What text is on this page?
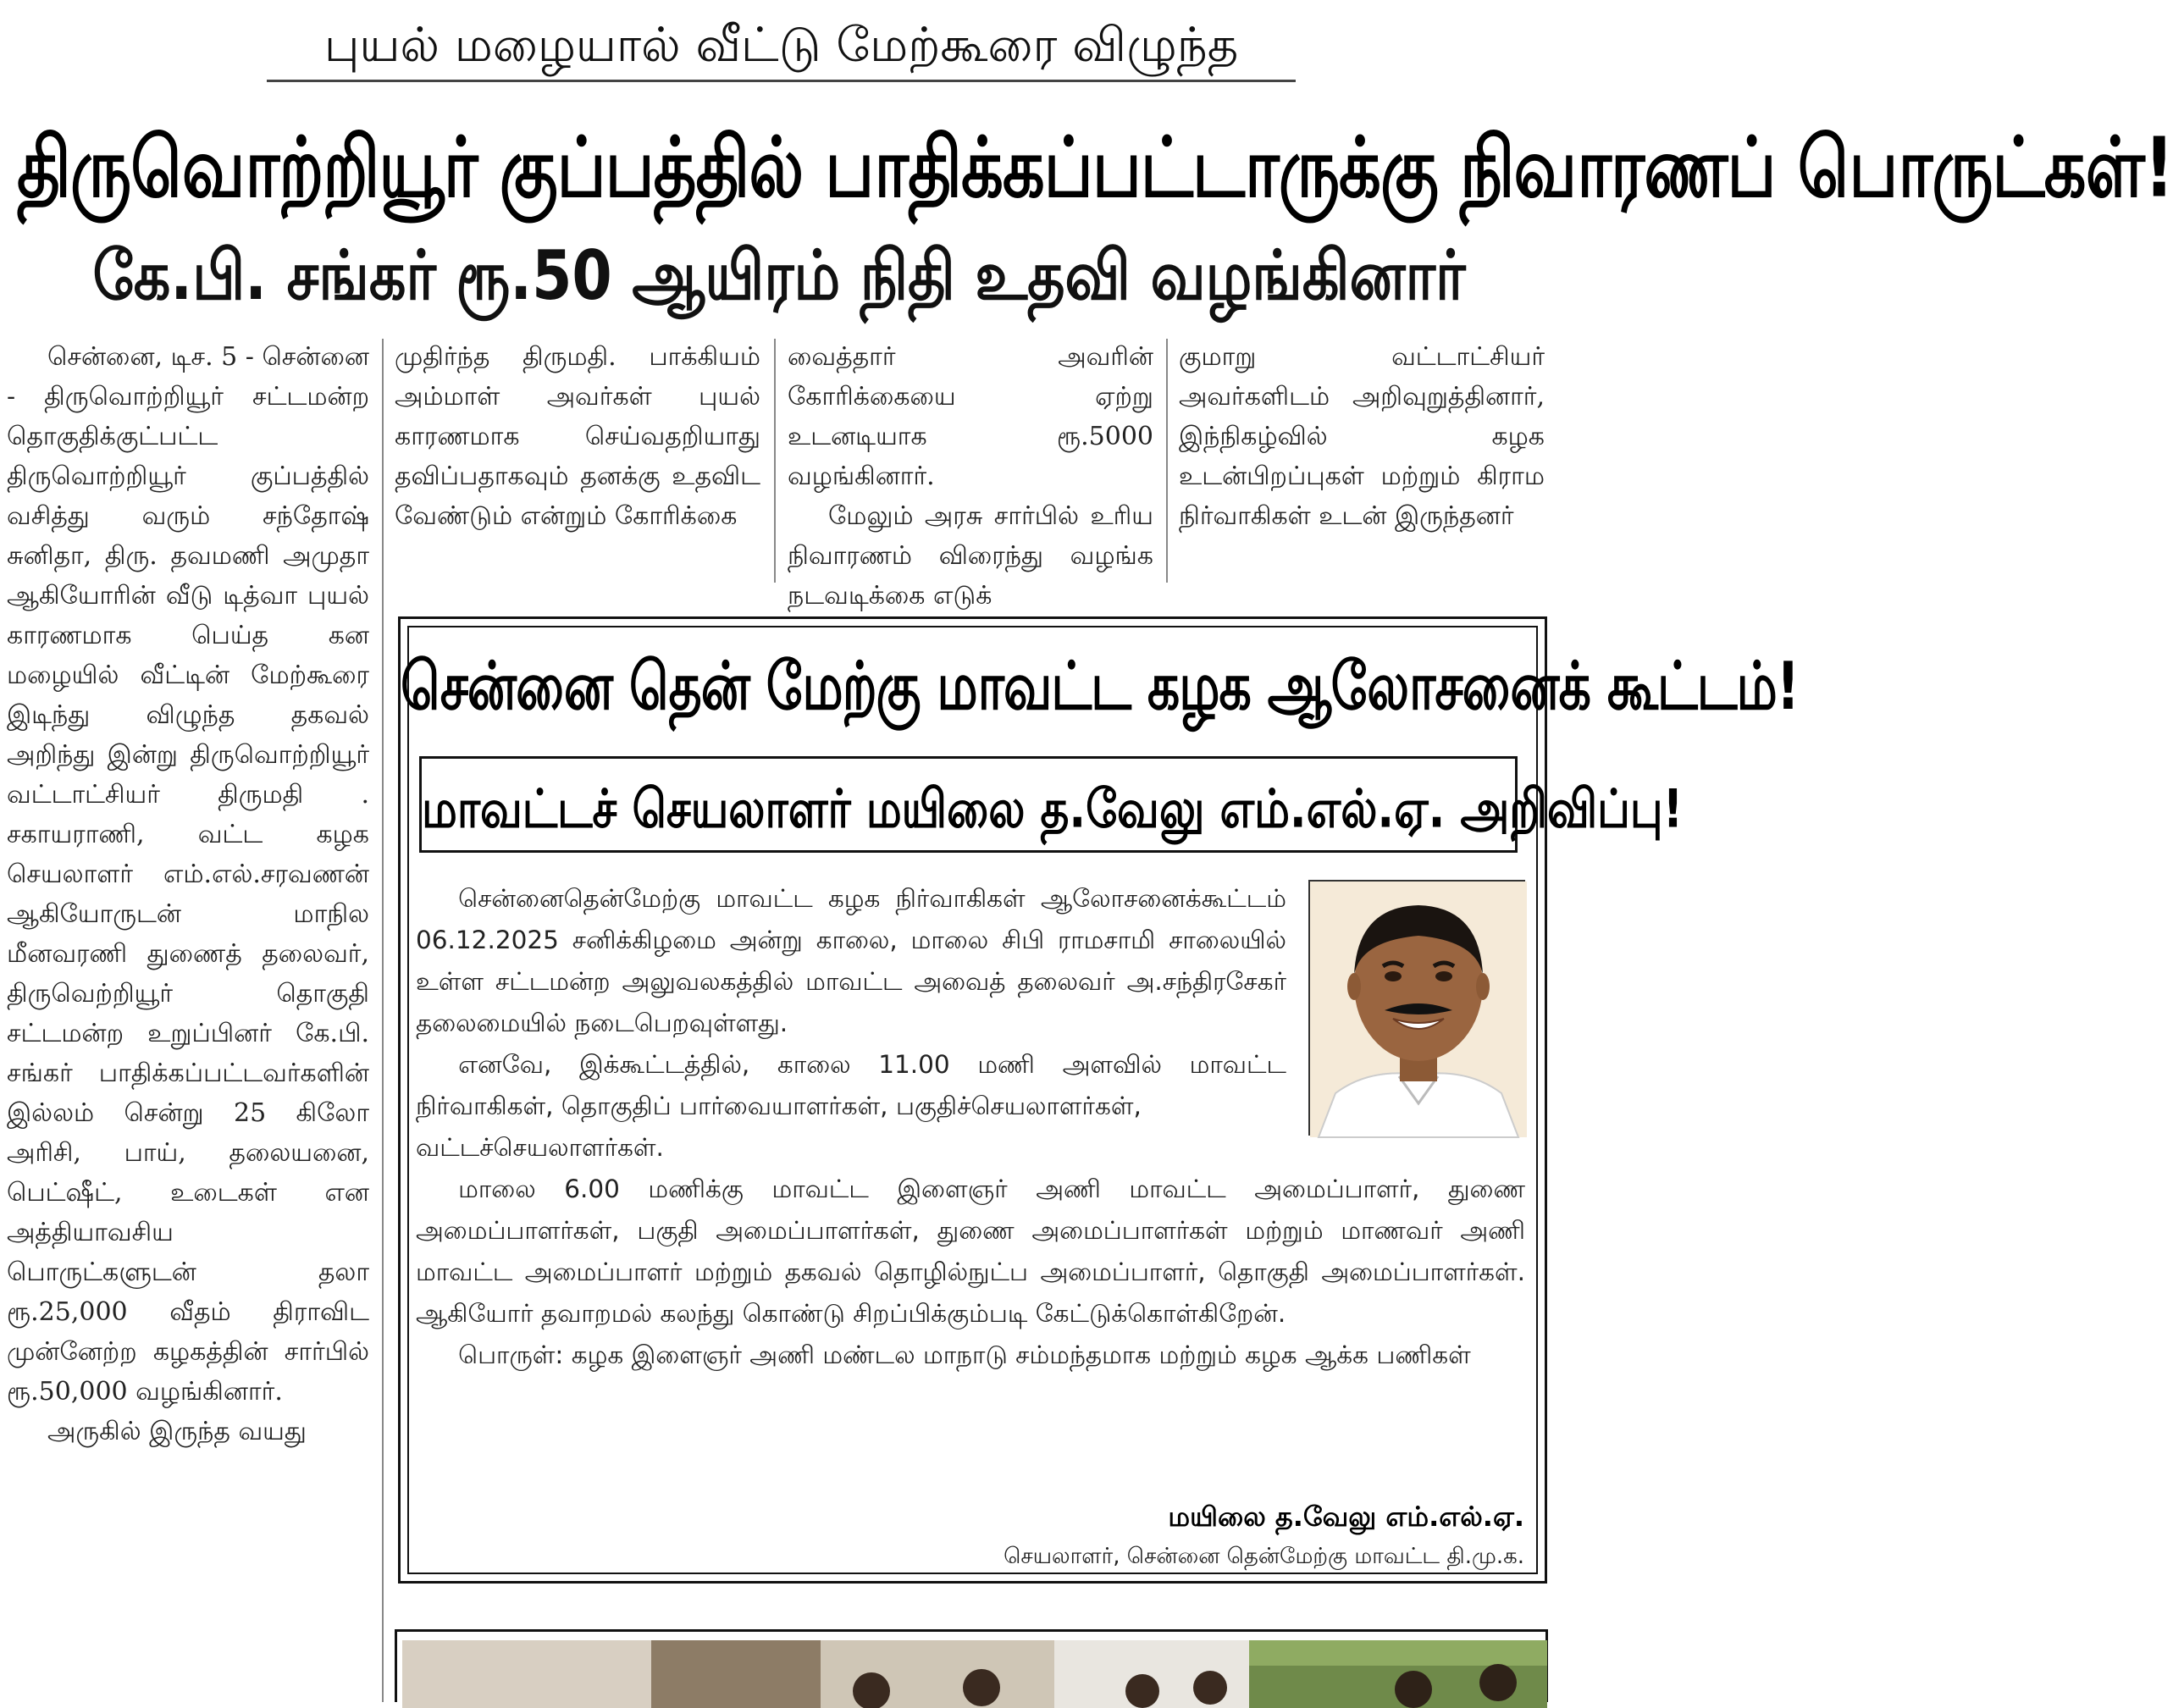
புயல் மழையால் வீட்டு மேற்கூரை விழுந்த
திருவொற்றியூர் குப்பத்தில் பாதிக்கப்பட்டாருக்கு நிவாரணப் பொருட்கள்!
கே.பி. சங்கர் ரூ.50 ஆயிரம் நிதி உதவி வழங்கினார்

சென்னை, டிச. 5 - சென்னை - திருவொற்றியூர் சட்டமன்ற தொகுதிக்குட்பட்ட திருவொற்றியூர் குப்பத்தில் வசித்து வரும் சந்தோஷ் சுனிதா, திரு. தவமணி அமுதா ஆகியோரின் வீடு டித்வா புயல் காரணமாக பெய்த கன மழையில் வீட்டின் மேற்கூரை இடிந்து விழுந்த தகவல் அறிந்து இன்று திருவொற்றியூர் வட்டாட்சியர் திருமதி . சகாயராணி, வட்ட கழக செயலாளர் எம்.எல்.சரவணன் ஆகியோருடன் மாநில மீனவரணி துணைத் தலைவர், திருவெற்றியூர் தொகுதி சட்டமன்ற உறுப்பினர் கே.பி. சங்கர் பாதிக்கப்பட்டவர்களின் இல்லம் சென்று 25 கிலோ அரிசி, பாய், தலையனை, பெட்ஷீட், உடைகள் என அத்தியாவசிய பொருட்களுடன் தலா ரூ.25,000 வீதம் திராவிட முன்னேற்ற கழகத்தின் சார்பில் ரூ.50,000 வழங்கினார்.

அருகில் இருந்த வயது

முதிர்ந்த திருமதி. பாக்கியம் அம்மாள் அவர்கள் புயல் காரணமாக செய்வதறியாது தவிப்பதாகவும் தனக்கு உதவிட வேண்டும் என்றும் கோரிக்கை

வைத்தார் அவரின் கோரிக்கையை ஏற்று உடனடியாக ரூ.5000 வழங்கினார்.

மேலும் அரசு சார்பில் உரிய நிவாரணம் விரைந்து வழங்க நடவடிக்கை எடுக்

குமாறு வட்டாட்சியர் அவர்களிடம் அறிவுறுத்தினார், இந்நிகழ்வில் கழக உடன்பிறப்புகள் மற்றும் கிராம நிர்வாகிகள் உடன் இருந்தனர்

சென்னை தென் மேற்கு மாவட்ட கழக ஆலோசனைக் கூட்டம்!
மாவட்டச் செயலாளர் மயிலை த.வேலு எம்.எல்.ஏ. அறிவிப்பு!

சென்னைதென்மேற்கு மாவட்ட கழக நிர்வாகிகள் ஆலோசனைக்கூட்டம் 06.12.2025 சனிக்கிழமை அன்று காலை, மாலை சிபி ராமசாமி சாலையில் உள்ள சட்டமன்ற அலுவலகத்தில் மாவட்ட அவைத் தலைவர் அ.சந்திரசேகர் தலைமையில் நடைபெறவுள்ளது.

எனவே, இக்கூட்டத்தில், காலை 11.00 மணி அளவில் மாவட்ட நிர்வாகிகள், தொகுதிப் பார்வையாளர்கள், பகுதிச்செயலாளர்கள்,

வட்டச்செயலாளர்கள்.

மாலை 6.00 மணிக்கு மாவட்ட இளைஞர் அணி மாவட்ட அமைப்பாளர், துணை அமைப்பாளர்கள், பகுதி அமைப்பாளர்கள், துணை அமைப்பாளர்கள் மற்றும் மாணவர் அணி மாவட்ட அமைப்பாளர் மற்றும் தகவல் தொழில்நுட்ப அமைப்பாளர், தொகுதி அமைப்பாளர்கள். ஆகியோர் தவாறமல் கலந்து கொண்டு சிறப்பிக்கும்படி கேட்டுக்கொள்கிறேன்.

பொருள்: கழக இளைஞர் அணி மண்டல மாநாடு சம்மந்தமாக மற்றும் கழக ஆக்க பணிகள்

மயிலை த.வேலு எம்.எல்.ஏ.
செயலாளர், சென்னை தென்மேற்கு மாவட்ட தி.மு.க.
